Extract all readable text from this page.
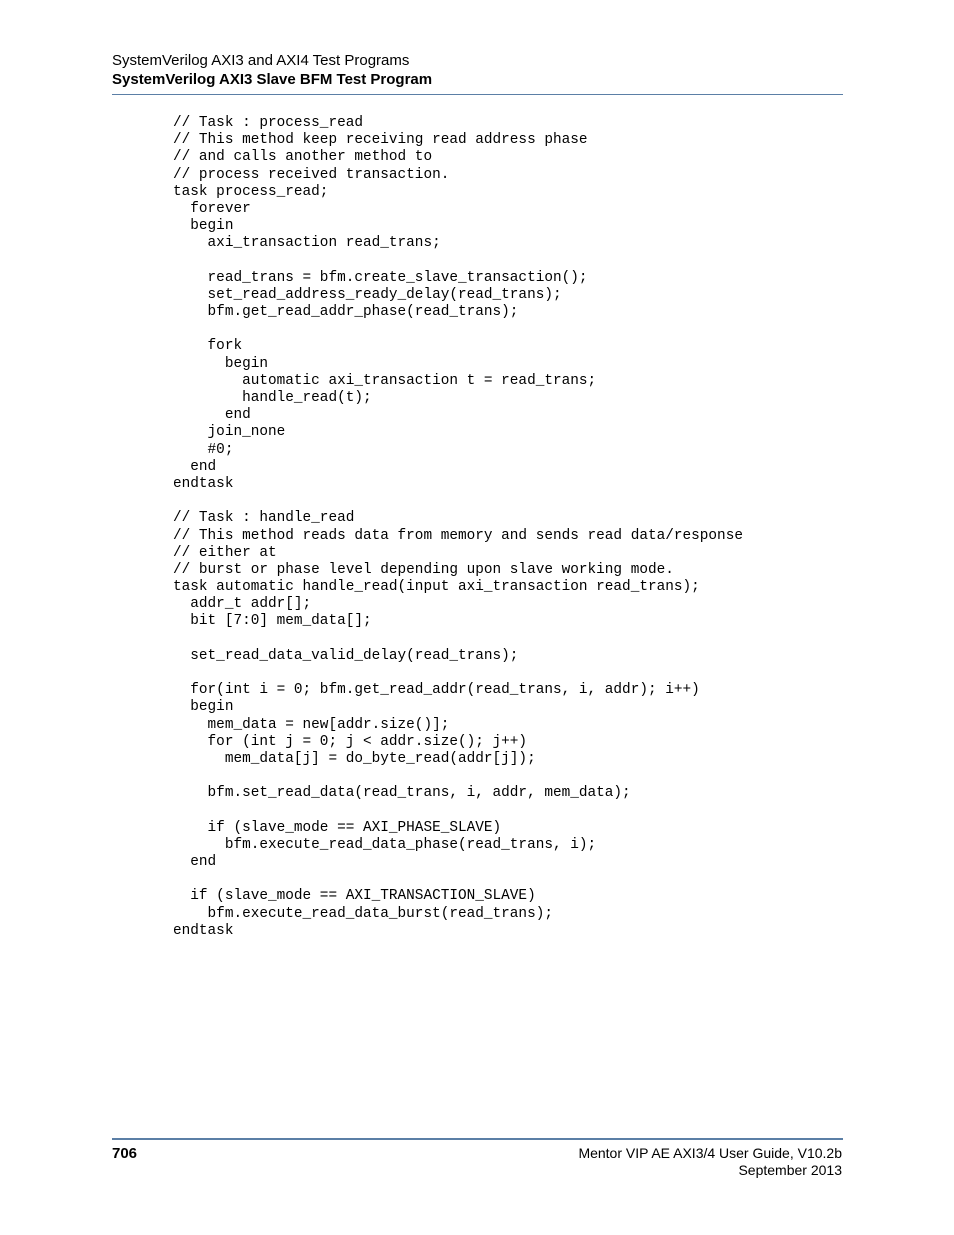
SystemVerilog AXI3 and AXI4 Test Programs
SystemVerilog AXI3 Slave BFM Test Program
// Task : process_read
// This method keep receiving read address phase
// and calls another method to
// process received transaction.
task process_read;
forever
begin
axi_transaction read_trans;
read_trans = bfm.create_slave_transaction();
set_read_address_ready_delay(read_trans);
bfm.get_read_addr_phase(read_trans);
fork
begin
automatic axi_transaction t = read_trans;
handle_read(t);
end
join_none
#0;
end
endtask
// Task : handle_read
// This method reads data from memory and sends read data/response
// either at
// burst or phase level depending upon slave working mode.
task automatic handle_read(input axi_transaction read_trans);
addr_t addr[];
bit [7:0] mem_data[];
set_read_data_valid_delay(read_trans);
for(int i = 0; bfm.get_read_addr(read_trans, i, addr); i++)
begin
mem_data = new[addr.size()];
for (int j = 0; j < addr.size(); j++)
mem_data[j] = do_byte_read(addr[j]);
bfm.set_read_data(read_trans, i, addr, mem_data);
if (slave_mode == AXI_PHASE_SLAVE)
bfm.execute_read_data_phase(read_trans, i);
end
if (slave_mode == AXI_TRANSACTION_SLAVE)
bfm.execute_read_data_burst(read_trans);
endtask
706	Mentor VIP AE AXI3/4 User Guide, V10.2b
September 2013
